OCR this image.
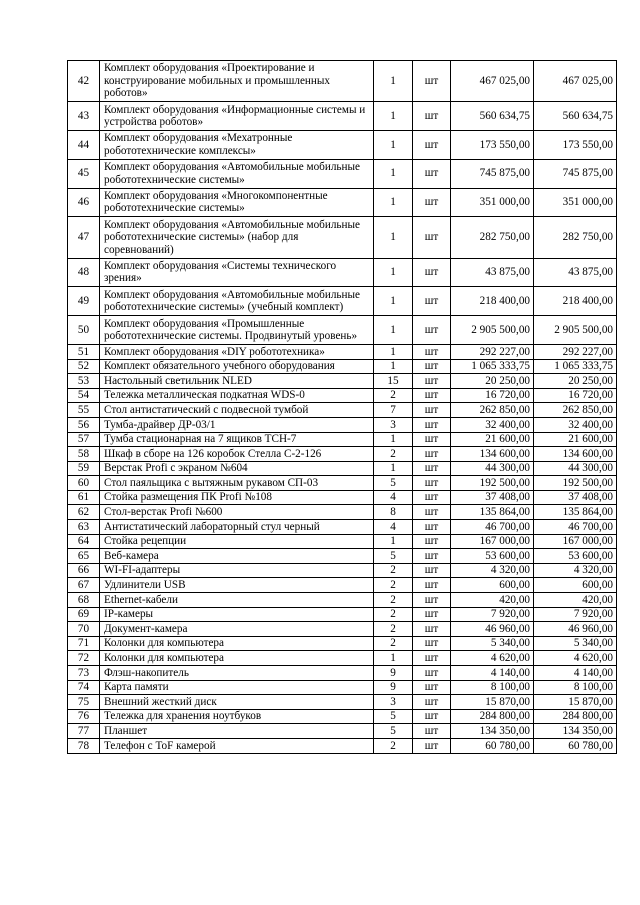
42	Комплект оборудования «Проектирование и конструирование мобильных и промышленных роботов»	1	шт	467 025,00	467 025,00
43	Комплект оборудования «Информационные системы и устройства роботов»	1	шт	560 634,75	560 634,75
44	Комплект оборудования «Мехатронные робототехнические комплексы»	1	шт	173 550,00	173 550,00
45	Комплект оборудования «Автомобильные мобильные робототехнические системы»	1	шт	745 875,00	745 875,00
46	Комплект оборудования «Многокомпонентные робототехнические системы»	1	шт	351 000,00	351 000,00
47	Комплект оборудования «Автомобильные мобильные робототехнические системы» (набор для соревнований)	1	шт	282 750,00	282 750,00
48	Комплект оборудования «Системы технического зрения»	1	шт	43 875,00	43 875,00
49	Комплект оборудования «Автомобильные мобильные робототехнические системы» (учебный комплект)	1	шт	218 400,00	218 400,00
50	Комплект оборудования «Промышленные робототехнические системы. Продвинутый уровень»	1	шт	2 905 500,00	2 905 500,00
51	Комплект оборудования «DIY робототехника»	1	шт	292 227,00	292 227,00
52	Комплект обязательного учебного оборудования	1	шт	1 065 333,75	1 065 333,75
53	Настольный светильник NLED	15	шт	20 250,00	20 250,00
54	Тележка металлическая подкатная WDS-0	2	шт	16 720,00	16 720,00
55	Стол антистатический с подвесной тумбой	7	шт	262 850,00	262 850,00
56	Тумба-драйвер ДР-03/1	3	шт	32 400,00	32 400,00
57	Тумба стационарная на 7 ящиков ТСН-7	1	шт	21 600,00	21 600,00
58	Шкаф в сборе на 126 коробок Стелла С-2-126	2	шт	134 600,00	134 600,00
59	Верстак Profi с экраном №604	1	шт	44 300,00	44 300,00
60	Стол паяльщика с вытяжным рукавом СП-03	5	шт	192 500,00	192 500,00
61	Стойка размещения ПК Profi №108	4	шт	37 408,00	37 408,00
62	Стол-верстак Profi №600	8	шт	135 864,00	135 864,00
63	Антистатический лабораторный стул черный	4	шт	46 700,00	46 700,00
64	Стойка рецепции	1	шт	167 000,00	167 000,00
65	Веб-камера	5	шт	53 600,00	53 600,00
66	WI-FI-адаптеры	2	шт	4 320,00	4 320,00
67	Удлинители USB	2	шт	600,00	600,00
68	Ethernet-кабели	2	шт	420,00	420,00
69	IP-камеры	2	шт	7 920,00	7 920,00
70	Документ-камера	2	шт	46 960,00	46 960,00
71	Колонки для компьютера	2	шт	5 340,00	5 340,00
72	Колонки для компьютера	1	шт	4 620,00	4 620,00
73	Флэш-накопитель	9	шт	4 140,00	4 140,00
74	Карта памяти	9	шт	8 100,00	8 100,00
75	Внешний жесткий диск	3	шт	15 870,00	15 870,00
76	Тележка для хранения ноутбуков	5	шт	284 800,00	284 800,00
77	Планшет	5	шт	134 350,00	134 350,00
78	Телефон с ToF камерой	2	шт	60 780,00	60 780,00
